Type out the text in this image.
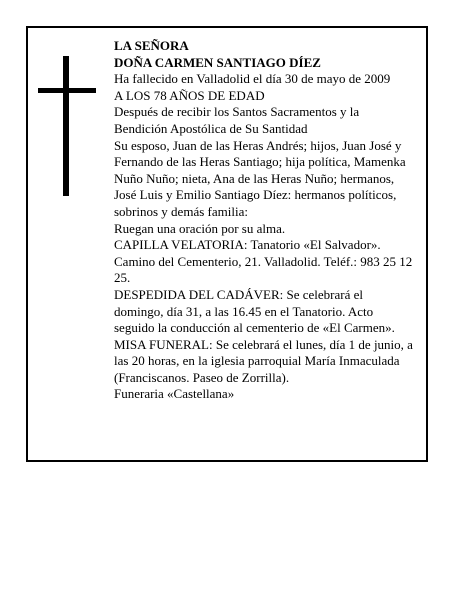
LA SEÑORA

DOÑA CARMEN SANTIAGO DÍEZ

Ha fallecido en Valladolid el día 30 de mayo de 2009

A LOS 78 AÑOS DE EDAD

Después de recibir los Santos Sacramentos y la Bendición Apostólica de Su Santidad

Su esposo, Juan de las Heras Andrés; hijos, Juan José y Fernando de las Heras Santiago; hija política, Mamenka Nuño Nuño; nieta, Ana de las Heras Nuño; hermanos, José Luis y Emilio Santiago Díez: hermanos políticos, sobrinos y demás familia:

Ruegan una oración por su alma.

CAPILLA VELATORIA: Tanatorio «El Salvador». Camino del Cementerio, 21. Valladolid. Teléf.: 983 25 12 25.

DESPEDIDA DEL CADÁVER: Se celebrará el domingo, día 31, a las 16.45 en el Tanatorio. Acto seguido la conducción al cementerio de «El Carmen».

MISA FUNERAL: Se celebrará el lunes, día 1 de junio, a las 20 horas, en la iglesia parroquial María Inmaculada (Franciscanos. Paseo de Zorrilla).

Funeraria «Castellana»
